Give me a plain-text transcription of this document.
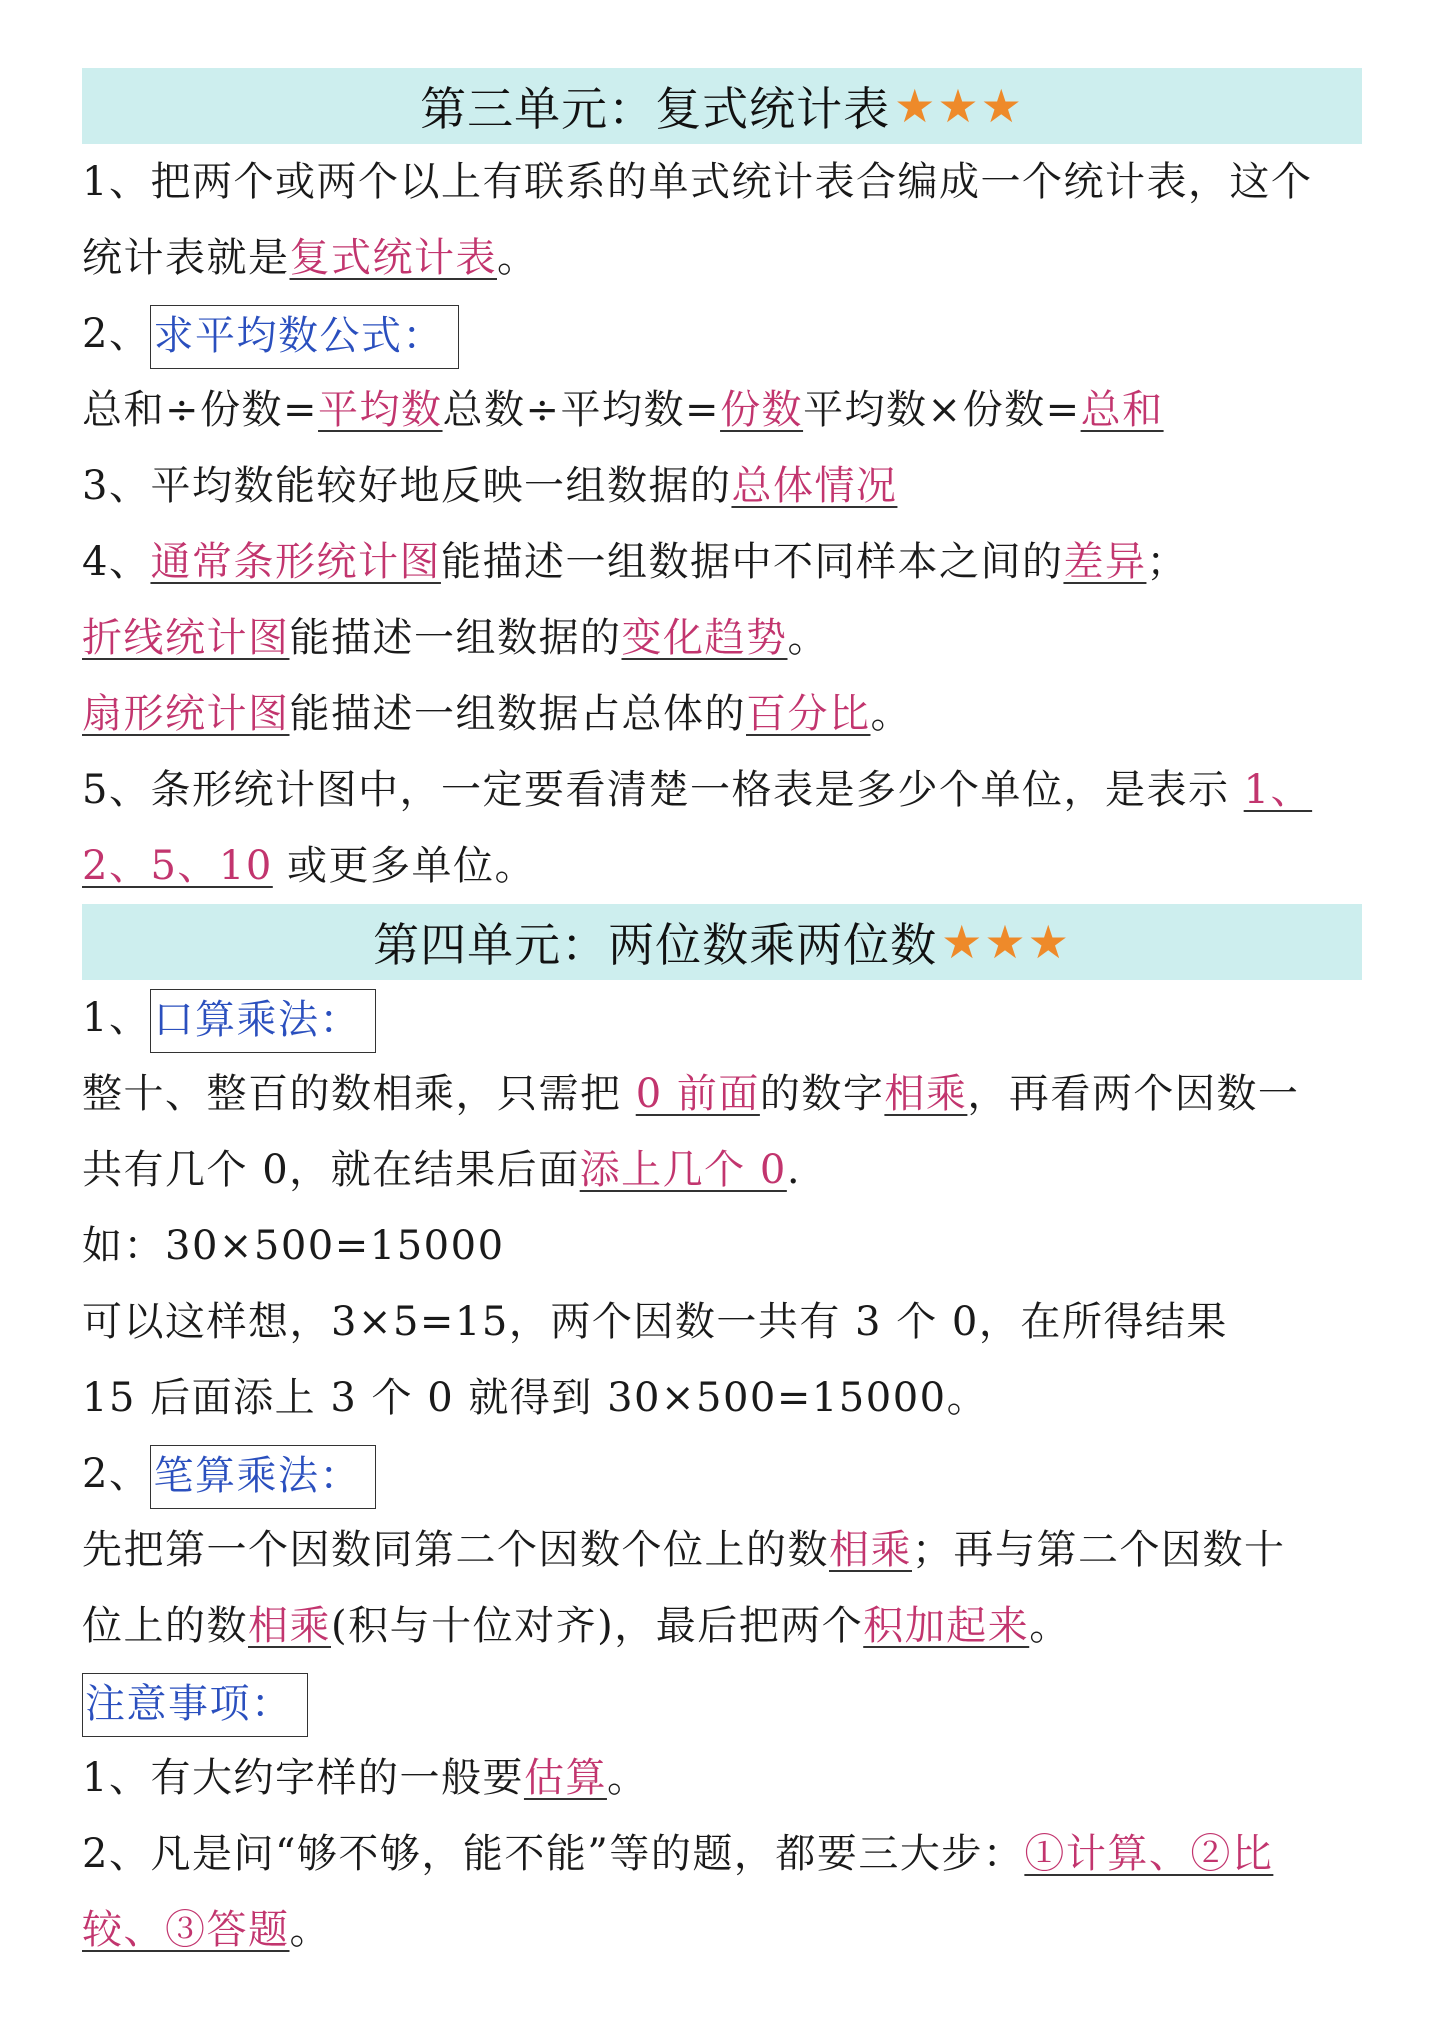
第三单元：复式统计表 ★★★
1、把两个或两个以上有联系的单式统计表合编成一个统计表，这个
统计表就是复式统计表。
2、求平均数公式：
总和÷份数=平均数总数÷平均数=份数平均数×份数=总和
3、平均数能较好地反映一组数据的总体情况
4、通常条形统计图能描述一组数据中不同样本之间的差异；
折线统计图能描述一组数据的变化趋势。
扇形统计图能描述一组数据占总体的百分比。
5、条形统计图中，一定要看清楚一格表是多少个单位，是表示 1、
2、5、10 或更多单位。
第四单元：两位数乘两位数 ★★★
1、口算乘法：
整十、整百的数相乘，只需把 0 前面的数字相乘，再看两个因数一
共有几个 0，就在结果后面添上几个 0.
如：30×500=15000
可以这样想，3×5=15，两个因数一共有 3 个 0，在所得结果
15 后面添上 3 个 0 就得到 30×500=15000。
2、笔算乘法：
先把第一个因数同第二个因数个位上的数相乘；再与第二个因数十
位上的数相乘(积与十位对齐)，最后把两个积加起来。
注意事项：
1、有大约字样的一般要估算。
2、凡是问“够不够，能不能”等的题，都要三大步：①计算、②比
较、③答题。
